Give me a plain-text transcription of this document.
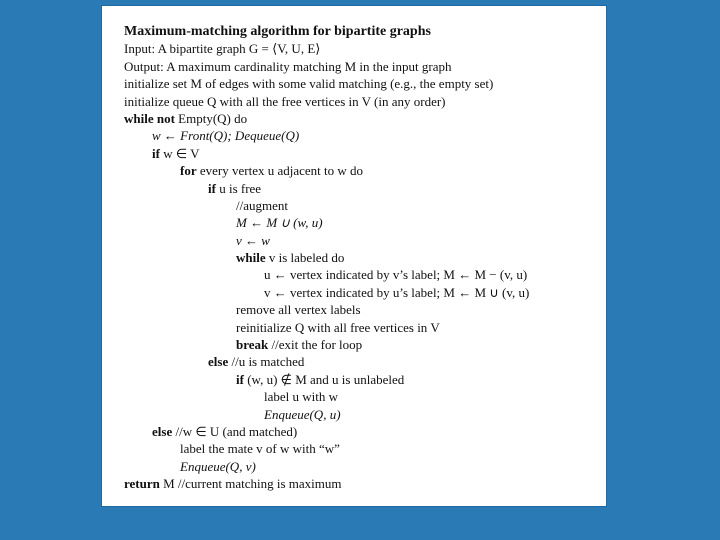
Maximum-matching algorithm for bipartite graphs
Input: A bipartite graph G = ⟨V, U, E⟩
Output: A maximum cardinality matching M in the input graph
initialize set M of edges with some valid matching (e.g., the empty set)
initialize queue Q with all the free vertices in V (in any order)
while not Empty(Q) do
w ← Front(Q); Dequeue(Q)
if w ∈ V
for every vertex u adjacent to w do
if u is free
//augment
M ← M ∪ (w, u)
v ← w
while v is labeled do
u ← vertex indicated by v’s label; M ← M − (v, u)
v ← vertex indicated by u’s label; M ← M ∪ (v, u)
remove all vertex labels
reinitialize Q with all free vertices in V
break //exit the for loop
else //u is matched
if (w, u) ∉ M and u is unlabeled
label u with w
Enqueue(Q, u)
else //w ∈ U (and matched)
label the mate v of w with “w”
Enqueue(Q, v)
return M //current matching is maximum
